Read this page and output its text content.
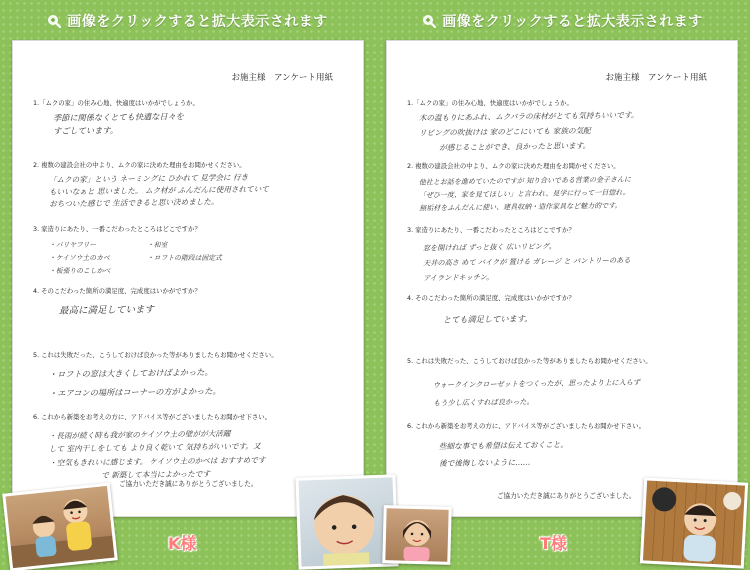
画像をクリックすると拡大表示されます
お施主様　アンケート用紙
1.「ムクの家」の住み心地、快適度はいかがでしょうか。
季節に関係なくとても快適な日々を
すごしています。
2. 複数の建設会社の中より、ムクの家に決めた理由をお聞かせください。
「ムクの家」という ネーミングに ひかれて 見学会に 行き
もいいなぁと 思いました。 ムク材が ふんだんに使用されていて
おちついた感じで 生活できると思い決めました。
3. 家造りにあたり、一番こだわったところはどこですか？
・バリヤフリー	・和室
・ケイソウ土のカベ	・ロフトの階段は固定式
・板張りのこしかべ
4. そのこだわった箇所の満足度、完成度はいかがですか？
最高に満足しています
5. これは失敗だった、こうしておけば良かった等がありましたらお聞かせください。
・ロフトの窓は大きくしておけばよかった。
・エアコンの場所はコーナーの方がよかった。
6. これから新築をお考えの方に、アドバイス等がございましたらお聞かせ下さい。
・長雨が続く時も我が家のケイソウ土の壁がが大活躍
して 室内干しをしても より良く乾いて 気持ちがいいです。又
・空気もきれいに感じます。 ケイソウ土のかべは おすすめです
で 新築して本当によかったです
ご協力いただき誠にありがとうございました。
K様
画像をクリックすると拡大表示されます
お施主様　アンケート用紙
1.「ムクの家」の住み心地、快適度はいかがでしょうか。
木の温もりにあふれ、ムクバラの床材がとても気持ちいいです。
リビングの吹抜けは 家のどこにいても 家族の気配
が感じることができ、良かったと思います。
2. 複数の建設会社の中より、ムクの家に決めた理由をお聞かせください。
他社とお話を進めていたのですが 知り合いである営業の金子さんに
「ぜひ一度、家を見てほしい」と言われ、見学に行って一目惚れ。
無垢材をふんだんに使い、建具収納・造作家具など魅力的です。
3. 家造りにあたり、一番こだわったところはどこですか？
窓を開ければ ずっと抜く 広いリビング。
天井の高さ めて バイクが 置ける ガレージ と パントリーのある
アイランドキッチン。
4. そのこだわった箇所の満足度、完成度はいかがですか？
とても満足しています。
5. これは失敗だった、こうしておけば良かった等がありましたらお聞かせください。
ウォークインクローゼットをつくったが、思ったより上に入らず
もう少し広くすれば良かった。
6. これから新築をお考えの方に、アドバイス等がございましたらお聞かせ下さい。
些細な事でも希望は伝えておくこと。
後で後悔しないように……
ご協力いただき誠にありがとうございました。
T様
